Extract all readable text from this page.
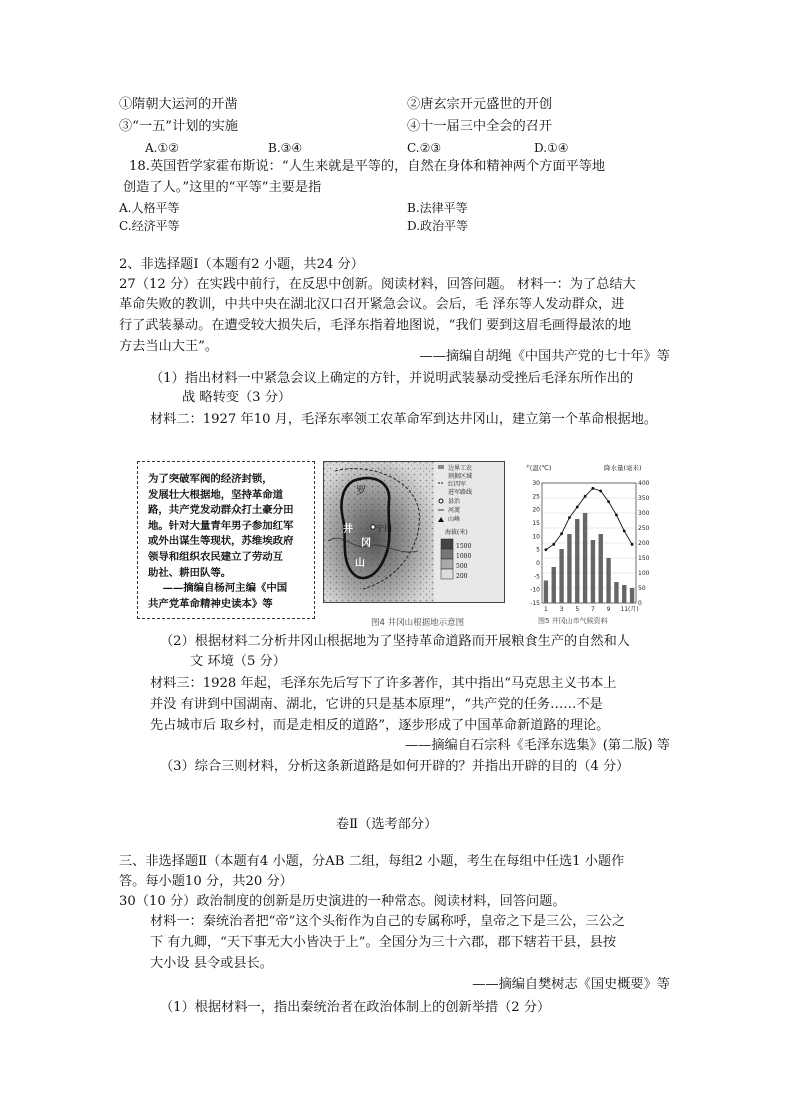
①隋朝大运河的开凿	②唐玄宗开元盛世的开创
③“一五”计划的实施	④十一届三中全会的召开
A.①②	B.③④	C.②③	D.①④
18.英国哲学家霍布斯说：“人生来就是平等的，自然在身体和精神两个方面平等地
创造了人。”这里的“平等”主要是指
A.人格平等	B.法律平等
C.经济平等	D.政治平等
2、非选择题Ⅰ（本题有2 小题，共24 分）
27（12 分）在实践中前行，在反思中创新。阅读材料，回答问题。 材料一：为了总结大
革命失败的教训，中共中央在湖北汉口召开紧急会议。会后，毛 泽东等人发动群众，进
行了武装暴动。在遭受较大损失后，毛泽东指着地图说，“我们 要到这眉毛画得最浓的地
方去当山大王”。
——摘编自胡绳《中国共产党的七十年》等
（1）指出材料一中紧急会议上确定的方针，并说明武装暴动受挫后毛泽东所作出的
战 略转变（3 分）
材料二：1927 年10 月，毛泽东率领工农革命军到达井冈山，建立第一个革命根据地。
为了突破军阀的经济封锁，
发展壮大根据地，坚持革命道
路，共产党发动群众打土豪分田
地。针对大量青年男子参加红军
或外出谋生等现状，苏维埃政府
领导和组织农民建立了劳动互
助社、耕田队等。
——摘编自杨河主编《中国
共产党革命精神史读本》等
罗
井
冈
山
宁冈
边界工农
割据区域
红四军
进军路线
县治
河流
山峰
海拔(米)
1500
1000
500
200
图4 井冈山根据地示意图
气温(℃)	降水量(毫米)
30
25
20
15
10
5
0
-5
-10
-15
400
350
300
250
200
150
100
50
0
1 3 5 7 9 11 (月)
图5 井冈山市气候资料
（2）根据材料二分析井冈山根据地为了坚持革命道路而开展粮食生产的自然和人
文 环境（5 分）
材料三：1928 年起，毛泽东先后写下了许多著作，其中指出“马克思主义书本上
并没 有讲到中国湖南、湖北，它讲的只是基本原理”，“共产党的任务……不是
先占城市后 取乡村，而是走相反的道路”，逐步形成了中国革命新道路的理论。
——摘编自石宗科《毛泽东选集》(第二版) 等
（3）综合三则材料，分析这条新道路是如何开辟的？并指出开辟的目的（4 分）
卷Ⅱ（选考部分）
三、非选择题Ⅱ（本题有4 小题，分AB 二组，每组2 小题，考生在每组中任选1 小题作
答。每小题10 分，共20 分）
30（10 分）政治制度的创新是历史演进的一种常态。阅读材料，回答问题。
材料一：秦统治者把“帝”这个头衔作为自己的专属称呼，皇帝之下是三公，三公之
下 有九卿，“天下事无大小皆决于上”。全国分为三十六郡，郡下辖若干县，县按
大小设 县令或县长。
——摘编自樊树志《国史概要》等
（1）根据材料一，指出秦统治者在政治体制上的创新举措（2 分）
